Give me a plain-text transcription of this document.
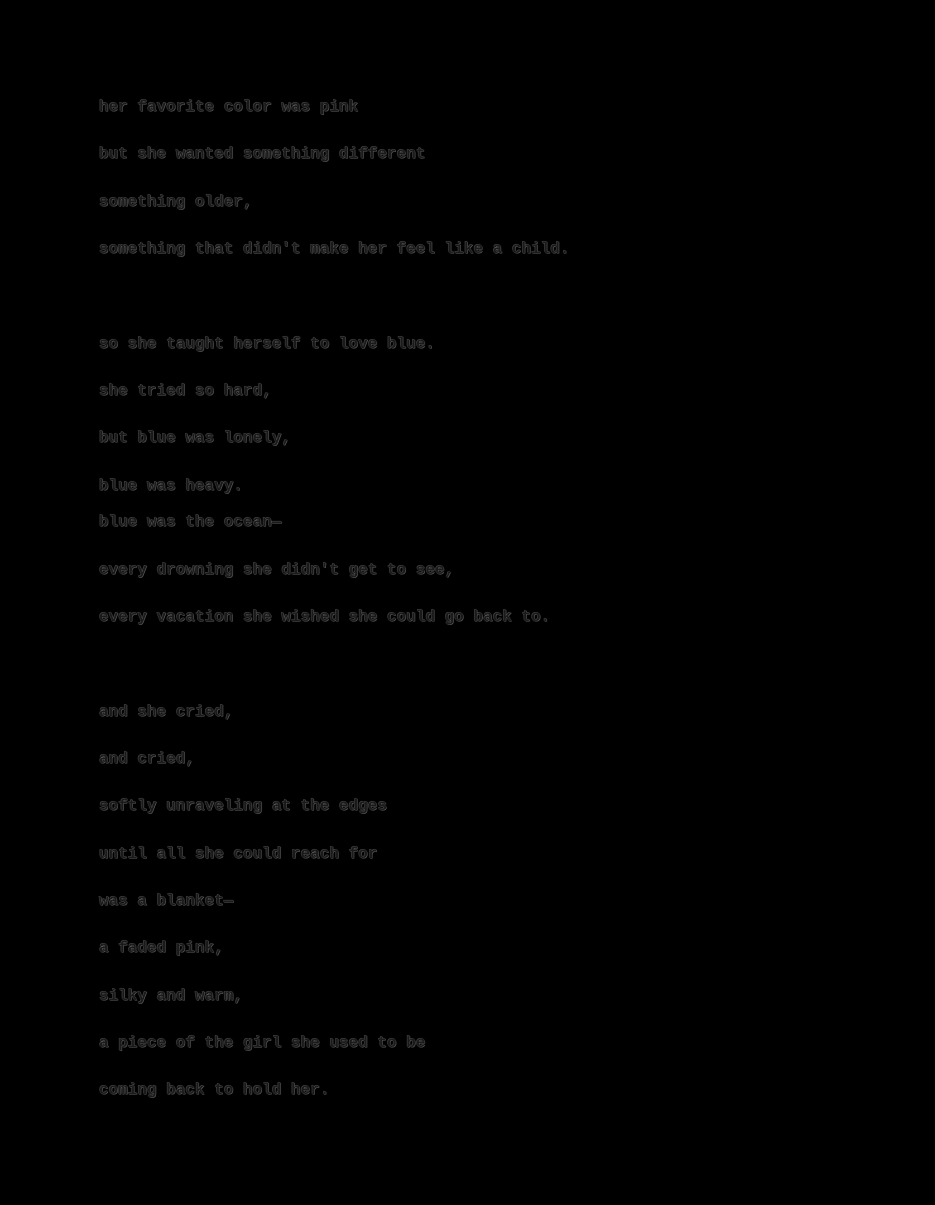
her favorite color was pink
but she wanted something different
something older,
something that didn't make her feel like a child.
so she taught herself to love blue.
she tried so hard,
but blue was lonely,
blue was heavy.
blue was the ocean—
every drowning she didn't get to see,
every vacation she wished she could go back to.
and she cried,
and cried,
softly unraveling at the edges
until all she could reach for
was a blanket—
a faded pink,
silky and warm,
a piece of the girl she used to be
coming back to hold her.
